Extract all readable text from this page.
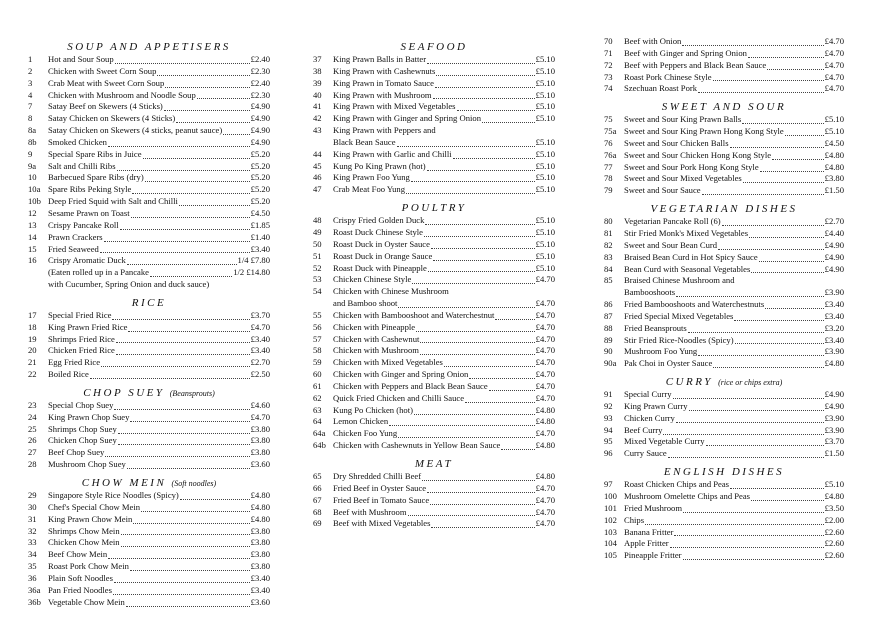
SOUP AND APPETISERS
1	Hot and Sour Soup	£2.40
2	Chicken with Sweet Corn Soup	£2.30
3	Crab Meat with Sweet Corn Soup	£2.40
4	Chicken with Mushroom and Noodle Soup	£2.30
7	Satay Beef on Skewers (4 Sticks)	£4.90
8	Satay Chicken on Skewers (4 Sticks)	£4.90
8a	Satay Chicken on Skewers (4 sticks, peanut sauce)	£4.90
8b	Smoked Chicken	£4.90
9	Special Spare Ribs in Juice	£5.20
9a	Salt and Chilli Ribs	£5.20
10	Barbecued Spare Ribs (dry)	£5.20
10a Spare Ribs Peking Style	£5.20
10b Deep Fried Squid with Salt and Chilli	£5.20
12	Sesame Prawn on Toast	£4.50
13	Crispy Pancake Roll	£1.85
14	Prawn Crackers	£1.40
15	Fried Seaweed	£3.40
16	Crispy Aromatic Duck	1/4 £7.80
(Eaten rolled up in a Pancake	1/2 £14.80
with Cucumber, Spring Onion and duck sauce)
RICE
17	Special Fried Rice	£3.70
18	King Prawn Fried Rice	£4.70
19	Shrimps Fried Rice	£3.40
20	Chicken Fried Rice	£3.40
21	Egg Fried Rice	£2.70
22	Boiled Rice	£2.50
CHOP SUEY (Beansprouts)
23	Special Chop Suey	£4.60
24	King Prawn Chop Suey	£4.70
25	Shrimps Chop Suey	£3.80
26	Chicken Chop Suey	£3.80
27	Beef Chop Suey	£3.80
28	Mushroom Chop Suey	£3.60
CHOW MEIN (Soft noodles)
29	Singapore Style Rice Noodles (Spicy)	£4.80
30	Chef's Special Chow Mein	£4.80
31	King Prawn Chow Mein	£4.80
32	Shrimps Chow Mein	£3.80
33	Chicken Chow Mein	£3.80
34	Beef Chow Mein	£3.80
35	Roast Pork Chow Mein	£3.80
36	Plain Soft Noodles	£3.40
36a Pan Fried Noodles	£3.40
36b Vegetable Chow Mein	£3.60
SEAFOOD
37	King Prawn Balls in Batter	£5.10
38	King Prawn with Cashewnuts	£5.10
39	King Prawn in Tomato Sauce	£5.10
40	King Prawn with Mushroom	£5.10
41	King Prawn with Mixed Vegetables	£5.10
42	King Prawn with Ginger and Spring Onion	£5.10
43	King Prawn with Peppers and
Black Bean Sauce	£5.10
44	King Prawn with Garlic and Chilli	£5.10
45	Kung Po King Prawn (hot)	£5.10
46	King Prawn Foo Yung	£5.10
47	Crab Meat Foo Yung	£5.10
POULTRY
48	Crispy Fried Golden Duck	£5.10
49	Roast Duck Chinese Style	£5.10
50	Roast Duck in Oyster Sauce	£5.10
51	Roast Duck in Orange Sauce	£5.10
52	Roast Duck with Pineapple	£5.10
53	Chicken Chinese Style	£4.70
54	Chicken with Chinese Mushroom
and Bamboo shoot	£4.70
55	Chicken with Bambooshoot and Waterchestnut	£4.70
56	Chicken with Pineapple	£4.70
57	Chicken with Cashewnut	£4.70
58	Chicken with Mushroom	£4.70
59	Chicken with Mixed Vegetables	£4.70
60	Chicken with Ginger and Spring Onion	£4.70
61	Chicken with Peppers and Black Bean Sauce	£4.70
62	Quick Fried Chicken and Chilli Sauce	£4.70
63	Kung Po Chicken (hot)	£4.80
64	Lemon Chicken	£4.80
64a Chicken Foo Yung	£4.70
64b Chicken with Cashewnuts in Yellow Bean Sauce	£4.80
MEAT
65	Dry Shredded Chilli Beef	£4.80
66	Fried Beef in Oyster Sauce	£4.70
67	Fried Beef in Tomato Sauce	£4.70
68	Beef with Mushroom	£4.70
69	Beef with Mixed Vegetables	£4.70
70	Beef with Onion	£4.70
71	Beef with Ginger and Spring Onion	£4.70
72	Beef with Peppers and Black Bean Sauce	£4.70
73	Roast Pork Chinese Style	£4.70
74	Szechuan Roast Pork	£4.70
SWEET AND SOUR
75	Sweet and Sour King Prawn Balls	£5.10
75a Sweet and Sour King Prawn Hong Kong Style	£5.10
76	Sweet and Sour Chicken Balls	£4.50
76a Sweet and Sour Chicken Hong Kong Style	£4.80
77	Sweet and Sour Pork Hong Kong Style	£4.80
78	Sweet and Sour Mixed Vegetables	£3.80
79	Sweet and Sour Sauce	£1.50
VEGETARIAN DISHES
80	Vegetarian Pancake Roll (6)	£2.70
81	Stir Fried Monk's Mixed Vegetables	£4.40
82	Sweet and Sour Bean Curd	£4.90
83	Braised Bean Curd in Hot Spicy Sauce	£4.90
84	Bean Curd with Seasonal Vegetables	£4.90
85	Braised Chinese Mushroom and
Bambooshoots	£3.90
86	Fried Bambooshoots and Waterchestnuts	£3.40
87	Fried Special Mixed Vegetables	£3.40
88	Fried Beansprouts	£3.20
89	Stir Fried Rice-Noodles (Spicy)	£3.40
90	Mushroom Foo Yung	£3.90
90a Pak Choi in Oyster Sauce	£4.80
CURRY (rice or chips extra)
91	Special Curry	£4.90
92	King Prawn Curry	£4.90
93	Chicken Curry	£3.90
94	Beef Curry	£3.90
95	Mixed Vegetable Curry	£3.70
96	Curry Sauce	£1.50
ENGLISH DISHES
97	Roast Chicken Chips and Peas	£5.10
100 Mushroom Omelette Chips and Peas	£4.80
101 Fried Mushroom	£3.50
102 Chips	£2.00
103 Banana Fritter	£2.60
104 Apple Fritter	£2.60
105 Pineapple Fritter	£2.60
